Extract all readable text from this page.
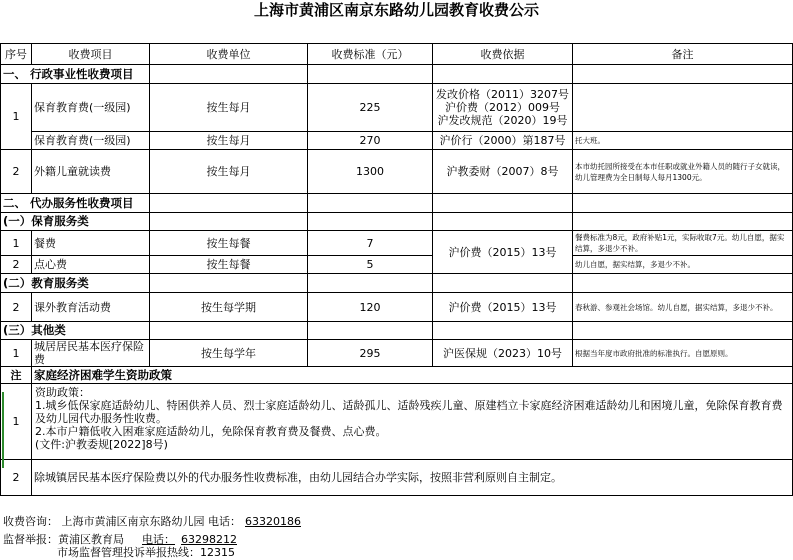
上海市黄浦区南京东路幼儿园教育收费公示
序号	收费项目	收费单位	收费标准（元）	收费依据	备注
一、 行政事业性收费项目					
1	保育教育费(一级园)	按生每月	225	发改价格（2011）3207号
沪价费（2012）009号
沪发改规范（2020）19号	

	保育教育费(一级园)	按生每月	270	沪价行（2000）第187号	托大班。
2	外籍儿童就读费	按生每月	1300	沪教委财（2007）8号	本市幼托园所接受在本市任职或就业外籍人员的随行子女就读，幼儿管理费为全日制每人每月1300元。
二、 代办服务性收费项目					
(一）保育服务类					
1	餐费	按生每餐	7	沪价费（2015）13号	餐费标准为8元，政府补贴1元，实际收取7元。幼儿自愿，据实结算，多退少不补。
2	点心费	按生每餐	5		幼儿自愿，据实结算，多退少不补。
(二）教育服务类					
2	课外教育活动费	按生每学期	120	沪价费（2015）13号	春秋游、参观社会场馆。幼儿自愿，据实结算，多退少不补。
(三）其他类					
1	城居居民基本医疗保险费	按生每学年	295	沪医保规（2023）10号	根据当年度市政府批准的标准执行。自愿原则。
注	家庭经济困难学生资助政策				
1	资助政策：
1.城乡低保家庭适龄幼儿、特困供养人员、烈士家庭适龄幼儿、适龄孤儿、适龄残疾儿童、原建档立卡家庭经济困难适龄幼儿和困境儿童，免除保育教育费及幼儿园代办服务性收费。
2.本市户籍低收入困难家庭适龄幼儿，免除保育教育费及餐费、点心费。
(文件:沪教委规[2022]8号)				

2	除城镇居民基本医疗保险费以外的代办服务性收费标准，由幼儿园结合办学实际，按照非营利原则自主制定。				
收费咨询： 上海市黄浦区南京东路幼儿园 电话： 63320186
监督举报：黄浦区教育局 电话： 63298212
市场监督管理投诉举报热线：12315
